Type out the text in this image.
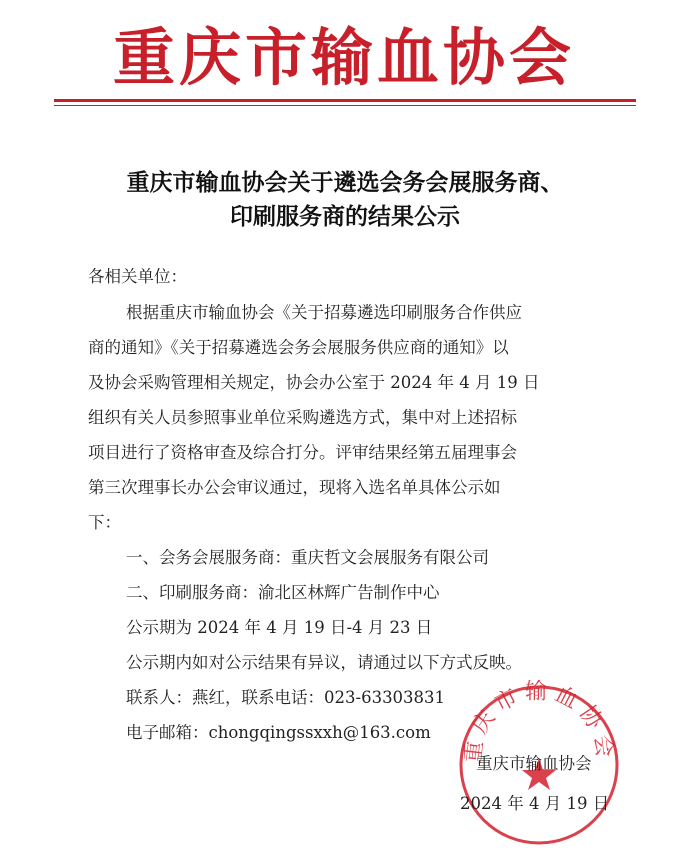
重庆市输血协会
重庆市输血协会关于遴选会务会展服务商、
印刷服务商的结果公示
各相关单位：
根据重庆市输血协会《关于招募遴选印刷服务合作供应
商的通知》《关于招募遴选会务会展服务供应商的通知》以
及协会采购管理相关规定，协会办公室于 2024 年 4 月 19 日
组织有关人员参照事业单位采购遴选方式，集中对上述招标
项目进行了资格审查及综合打分。评审结果经第五届理事会
第三次理事长办公会审议通过，现将入选名单具体公示如
下：
一、会务会展服务商：重庆哲文会展服务有限公司
二、印刷服务商：渝北区林辉广告制作中心
公示期为 2024 年 4 月 19 日-4 月 23 日
公示期内如对公示结果有异议，请通过以下方式反映。
联系人：燕红，联系电话：023-63303831
电子邮箱：chongqingssxxh@163.com
重庆市输血协会
重庆市输血协会
2024 年 4 月 19 日
